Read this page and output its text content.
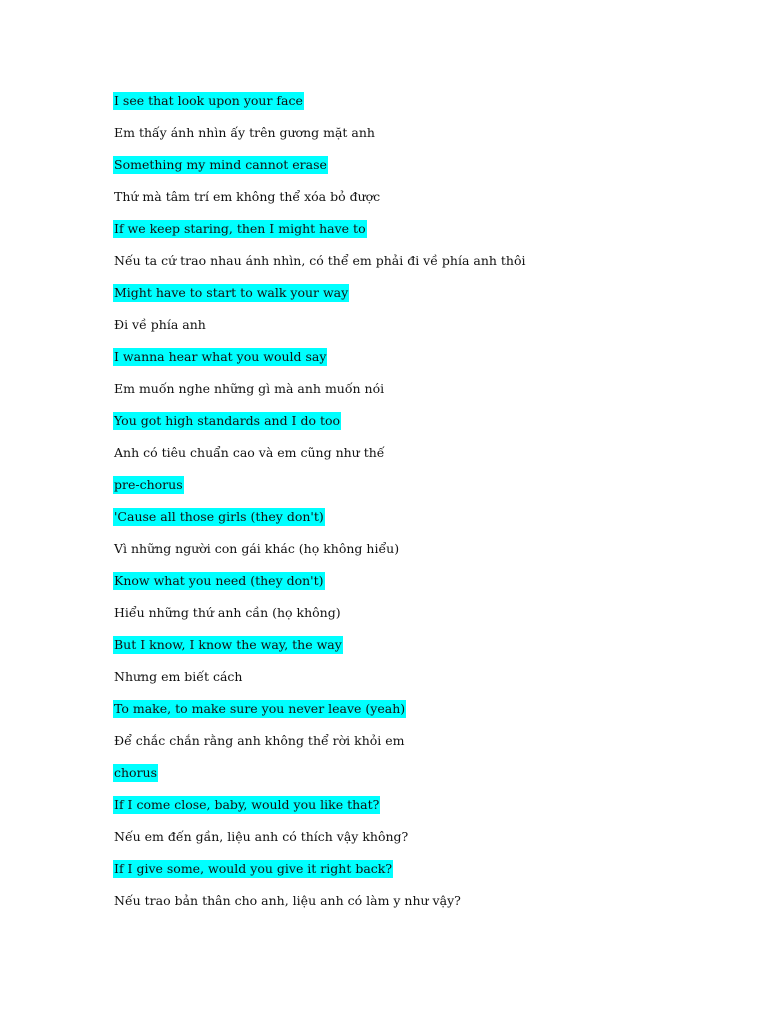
I see that look upon your face
Em thấy ánh nhìn ấy trên gương mặt anh
Something my mind cannot erase
Thứ mà tâm trí em không thể xóa bỏ được
If we keep staring, then I might have to
Nếu ta cứ trao nhau ánh nhìn, có thể em phải đi về phía anh thôi
Might have to start to walk your way
Đi về phía anh
I wanna hear what you would say
Em muốn nghe những gì mà anh muốn nói
You got high standards and I do too
Anh có tiêu chuẩn cao và em cũng như thế
pre-chorus
'Cause all those girls (they don't)
Vì những người con gái khác (họ không hiểu)
Know what you need (they don't)
Hiểu những thứ anh cần (họ không)
But I know, I know the way, the way
Nhưng em biết cách
To make, to make sure you never leave (yeah)
Để chắc chắn rằng anh không thể rời khỏi em
chorus
If I come close, baby, would you like that?
Nếu em đến gần, liệu anh có thích vậy không?
If I give some, would you give it right back?
Nếu trao bản thân cho anh, liệu anh có làm y như vậy?
